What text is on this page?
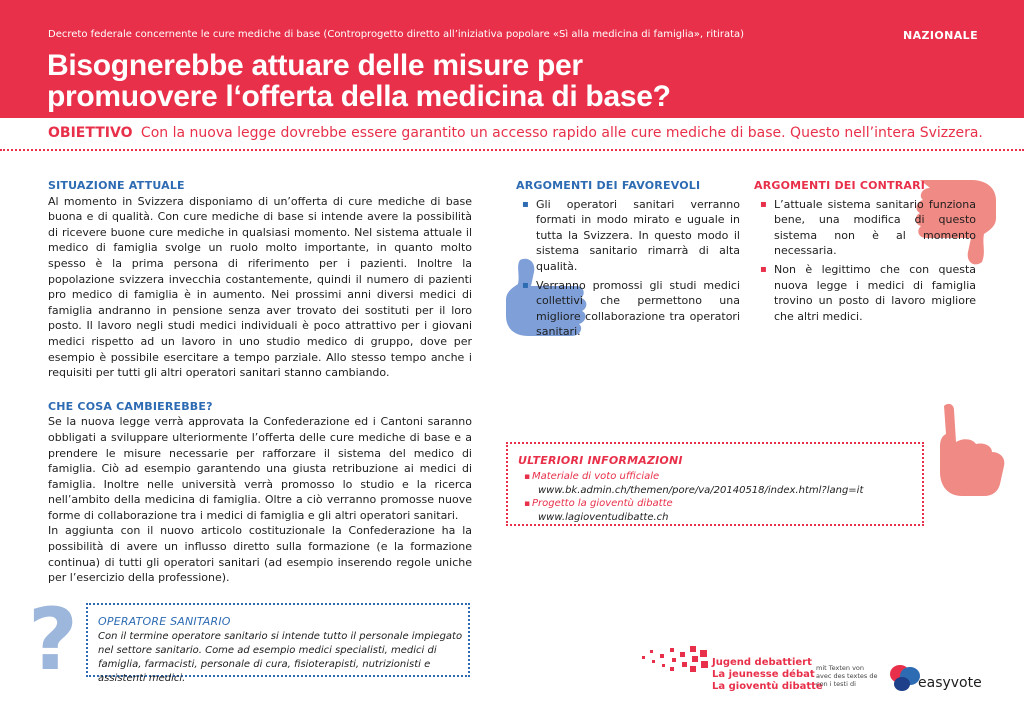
Decreto federale concernente le cure mediche di base (Controprogetto diretto all’iniziativa popolare «Sì alla medicina di famiglia», ritirata)	NAZIONALE
Bisognerebbe attuare delle misure per
promuovere l‘offerta della medicina di base?
OBIETTIVO Con la nuova legge dovrebbe essere garantito un accesso rapido alle cure mediche di base. Questo nell’intera Svizzera.
SITUAZIONE ATTUALE

Al momento in Svizzera disponiamo di un’offerta di cure mediche di base buona e di qualità. Con cure mediche di base si intende avere la possibilità di ricevere buone cure mediche in qualsiasi momento. Nel sistema attuale il medico di famiglia svolge un ruolo molto importante, in quanto molto spesso è la prima persona di riferimento per i pazienti. Inoltre la popolazione svizzera invecchia costantemente, quindi il numero di pazienti pro medico di famiglia è in aumento. Nei prossimi anni diversi medici di famiglia andranno in pensione senza aver trovato dei sostituti per il loro posto. Il lavoro negli studi medici individuali è poco attrattivo per i giovani medici rispetto ad un lavoro in uno studio medico di gruppo, dove per esempio è possibile esercitare a tempo parziale. Allo stesso tempo anche i requisiti per tutti gli altri operatori sanitari stanno cambiando.

CHE COSA CAMBIEREBBE?

Se la nuova legge verrà approvata la Confederazione ed i Cantoni saranno obbligati a sviluppare ulteriormente l’offerta delle cure mediche di base e a prendere le misure necessarie per rafforzare il sistema del medico di famiglia. Ciò ad esempio garantendo una giusta retribuzione ai medici di famiglia. Inoltre nelle università verrà promosso lo studio e la ricerca nell’ambito della medicina di famiglia. Oltre a ciò verranno promosse nuove forme di collaborazione tra i medici di famiglia e gli altri operatori sanitari.

In aggiunta con il nuovo articolo costituzionale la Confederazione ha la possibilità di avere un influsso diretto sulla formazione (e la formazione continua) di tutti gli operatori sanitari (ad esempio inserendo regole uniche per l’esercizio della professione).

ARGOMENTI DEI FAVOREVOLI
▪ Gli operatori sanitari verranno formati in modo mirato e uguale in tutta la Svizzera. In questo modo il sistema sanitario rimarrà di alta qualità.
▪ Verranno promossi gli studi medici collettivi che permettono una migliore collaborazione tra operatori sanitari.
ARGOMENTI DEI CONTRARI
▪ L’attuale sistema sanitario funziona bene, una modifica di questo sistema non è al momento necessaria.
▪ Non è legittimo che con questa nuova legge i medici di famiglia trovino un posto di lavoro migliore che altri medici.
ULTERIORI INFORMAZIONI
▪ Materiale di voto ufficiale
www.bk.admin.ch/themen/pore/va/20140518/index.html?lang=it
▪ Progetto la gioventù dibatte
www.lagioventudibatte.ch
? OPERATORE SANITARIO
Con il termine operatore sanitario si intende tutto il personale impiegato nel settore sanitario. Come ad esempio medici specialisti, medici di famiglia, farmacisti, personale di cura, fisioterapisti, nutrizionisti e assistenti medici.
Jugend debattiert
La jeunesse débat
La gioventù dibatte
mit Texten von
avec des textes de
con i testi di	easyvote
